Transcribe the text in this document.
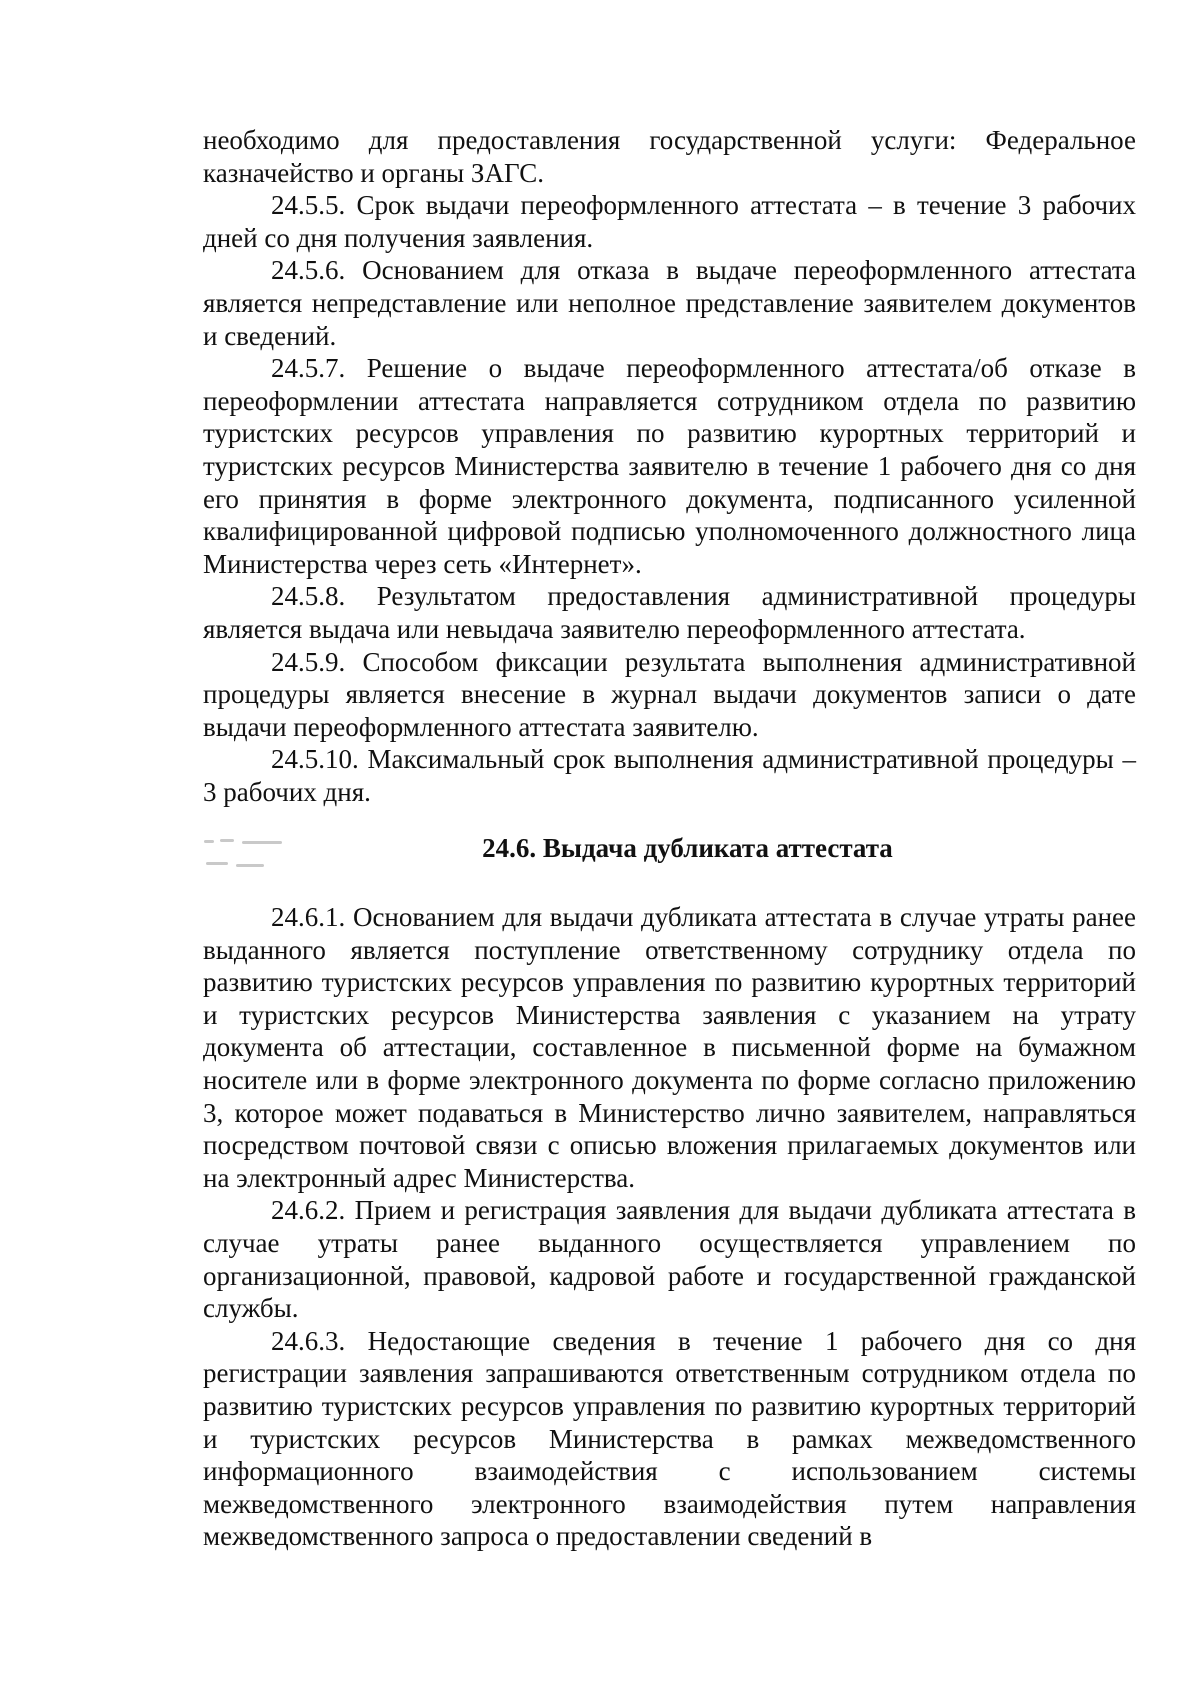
необходимо для предоставления государственной услуги: Федеральное казначейство и органы ЗАГС.

24.5.5. Срок выдачи переоформленного аттестата – в течение 3 рабочих дней со дня получения заявления.

24.5.6. Основанием для отказа в выдаче переоформленного аттестата является непредставление или неполное представление заявителем документов и сведений.

24.5.7. Решение о выдаче переоформленного аттестата/об отказе в переоформлении аттестата направляется сотрудником отдела по развитию туристских ресурсов управления по развитию курортных территорий и туристских ресурсов Министерства заявителю в течение 1 рабочего дня со дня его принятия в форме электронного документа, подписанного усиленной квалифицированной цифровой подписью уполномоченного должностного лица Министерства через сеть «Интернет».

24.5.8. Результатом предоставления административной процедуры является выдача или невыдача заявителю переоформленного аттестата.

24.5.9. Способом фиксации результата выполнения административной процедуры является внесение в журнал выдачи документов записи о дате выдачи переоформленного аттестата заявителю.

24.5.10. Максимальный срок выполнения административной процедуры – 3 рабочих дня.

24.6. Выдача дубликата аттестата

24.6.1. Основанием для выдачи дубликата аттестата в случае утраты ранее выданного является поступление ответственному сотруднику отдела по развитию туристских ресурсов управления по развитию курортных территорий и туристских ресурсов Министерства заявления с указанием на утрату документа об аттестации, составленное в письменной форме на бумажном носителе или в форме электронного документа по форме согласно приложению 3, которое может подаваться в Министерство лично заявителем, направляться посредством почтовой связи с описью вложения прилагаемых документов или на электронный адрес Министерства.

24.6.2. Прием и регистрация заявления для выдачи дубликата аттестата в случае утраты ранее выданного осуществляется управлением по организационной, правовой, кадровой работе и государственной гражданской службы.

24.6.3. Недостающие сведения в течение 1 рабочего дня со дня регистрации заявления запрашиваются ответственным сотрудником отдела по развитию туристских ресурсов управления по развитию курортных территорий и туристских ресурсов Министерства в рамках межведомственного информационного взаимодействия с использованием системы межведомственного электронного взаимодействия путем направления межведомственного запроса о предоставлении сведений в
